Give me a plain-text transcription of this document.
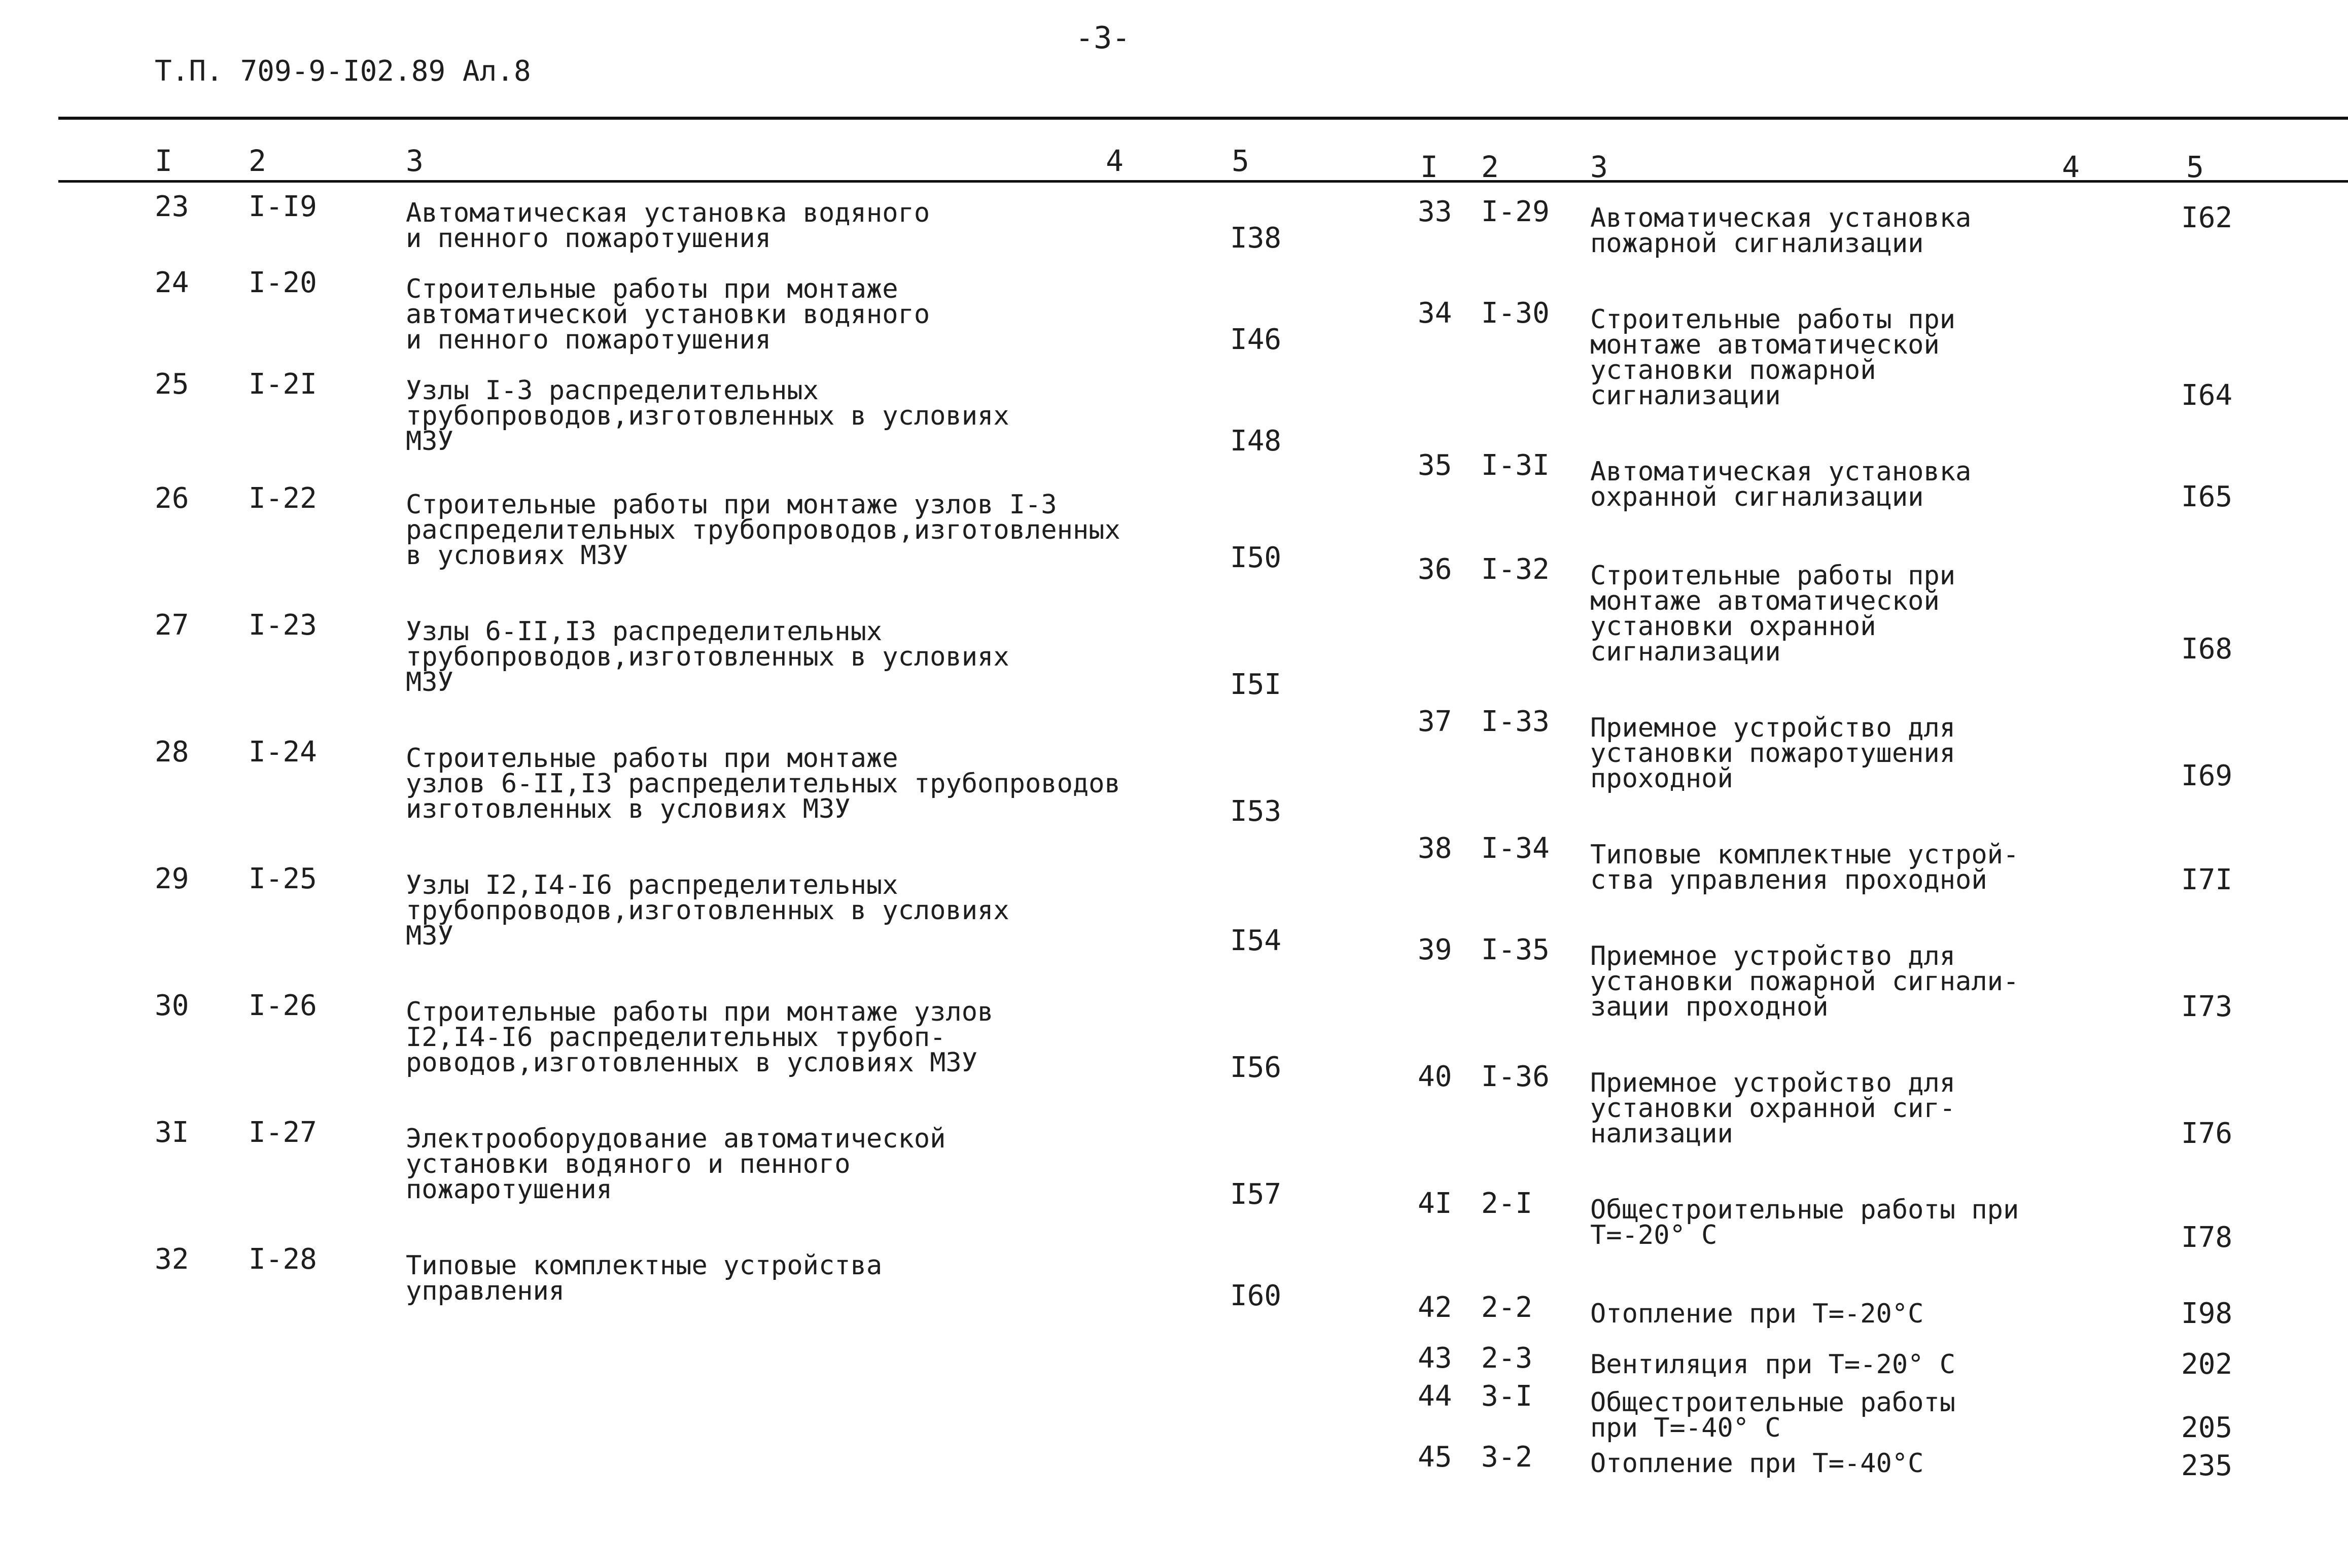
Т.П. 709-9-I02.89 Ал.8
-3-
I	2	3	4	5	I 2	3	4	5
23 I-I9	Автоматическая установка водяного
и пенного пожаротушения	I38
24 I-20	Строительные работы при монтаже
автоматической установки водяного
и пенного пожаротушения	I46
25 I-2I	Узлы I-3 распределительных
трубопроводов,изготовленных в условиях
МЗУ	I48
26 I-22	Строительные работы при монтаже узлов I-3
распределительных трубопроводов,изготовленных
в условиях МЗУ	I50
27 I-23	Узлы 6-II,I3 распределительных
трубопроводов,изготовленных в условиях
МЗУ	I5I
28 I-24	Строительные работы при монтаже
узлов 6-II,I3 распределительных трубопроводов
изготовленных в условиях МЗУ	I53
29 I-25	Узлы I2,I4-I6 распределительных
трубопроводов,изготовленных в условиях
МЗУ	I54
30 I-26	Строительные работы при монтаже узлов
I2,I4-I6 распределительных трубоп-
роводов,изготовленных в условиях МЗУ	I56
3I I-27	Электрооборудование автоматической
установки водяного и пенного
пожаротушения	I57
32 I-28	Типовые комплектные устройства
управления	I60
33 I-29 Автоматическая установка
пожарной сигнализации
I62
34 I-30 Строительные работы при
монтаже автоматической
установки пожарной
сигнализации	I64
35 I-3I Автоматическая установка
охранной сигнализации	I65
36 I-32 Строительные работы при
монтаже автоматической
установки охранной
сигнализации	I68
37 I-33 Приемное устройство для
установки пожаротушения
проходной	I69
38 I-34 Типовые комплектные устрой-
ства управления проходной	I7I
39 I-35 Приемное устройство для
установки пожарной сигнали-
зации проходной	I73
40 I-36 Приемное устройство для
установки охранной сиг-
нализации	I76
4I 2-I Общестроительные работы при
Т=-20° С	I78
42 2-2 Отопление при Т=-20°С	I98
43 2-3 Вентиляция при Т=-20° С	202
44 3-I Общестроительные работы
при Т=-40° С	205
45 3-2 Отопление при Т=-40°С	235
